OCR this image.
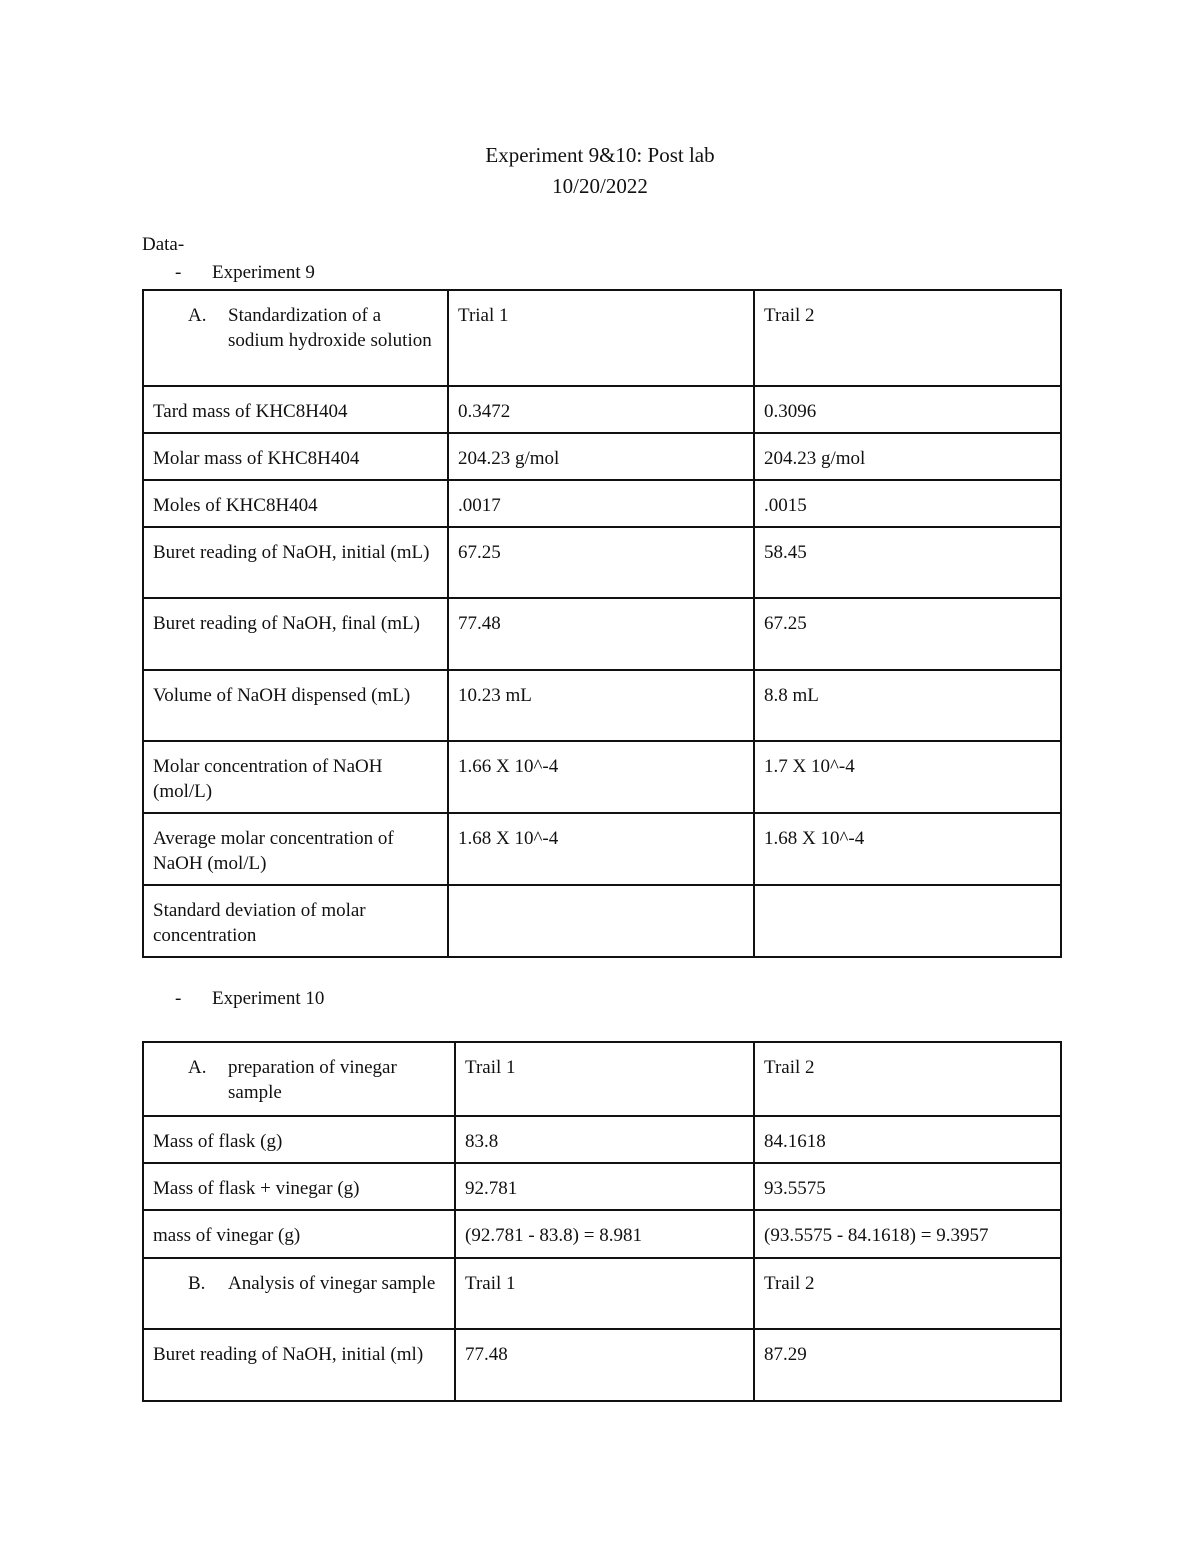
Experiment 9&10: Post lab
10/20/2022
Data-
- Experiment 9
A. Standardization of a sodium hydroxide solution	Trial 1	Trail 2
Tard mass of KHC8H404	0.3472	0.3096
Molar mass of KHC8H404	204.23 g/mol	204.23 g/mol
Moles of KHC8H404	.0017	.0015
Buret reading of NaOH, initial (mL)	67.25	58.45
Buret reading of NaOH, final (mL)	77.48	67.25
Volume of NaOH dispensed (mL)	10.23 mL	8.8 mL
Molar concentration of NaOH (mol/L)	1.66 X 10^-4	1.7 X 10^-4
Average molar concentration of NaOH (mol/L)	1.68 X 10^-4	1.68 X 10^-4
Standard deviation of molar concentration		
- Experiment 10
A. preparation of vinegar sample	Trail 1	Trail 2
Mass of flask (g)	83.8	84.1618
Mass of flask + vinegar (g)	92.781	93.5575
mass of vinegar (g)	(92.781 - 83.8) = 8.981	(93.5575 - 84.1618) = 9.3957

B. Analysis of vinegar sample	Trail 1	Trail 2
Buret reading of NaOH, initial (ml)	77.48	87.29
